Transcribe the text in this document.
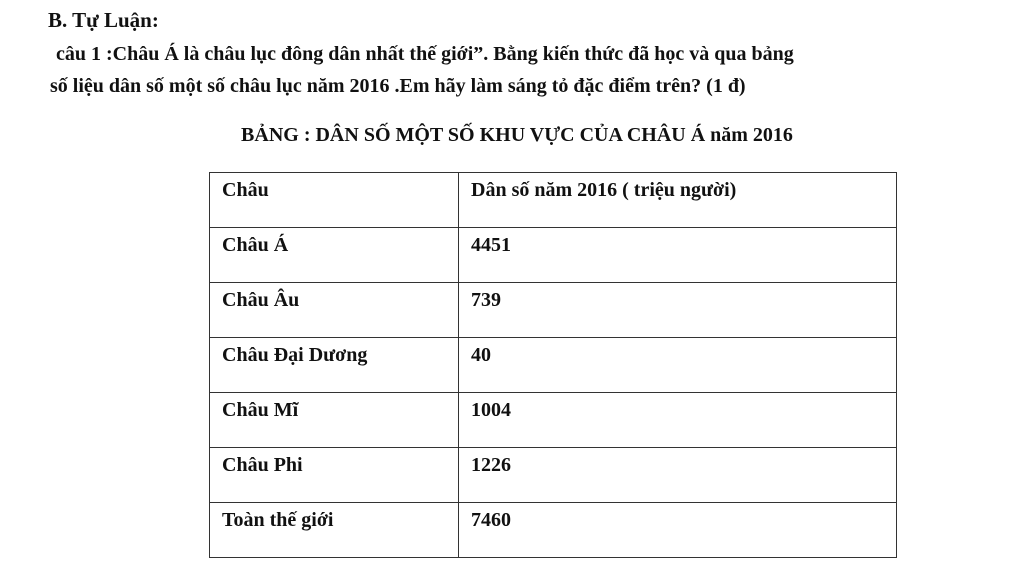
B. Tự Luận:
câu 1 :Châu Á là châu lục đông dân nhất thế giới”. Bằng kiến thức đã học và qua bảng
số liệu dân số một số châu lục năm 2016 .Em hãy làm sáng tỏ đặc điểm trên? (1 đ)
BẢNG : DÂN SỐ MỘT SỐ KHU VỰC CỦA CHÂU Á năm 2016
Châu	Dân số năm 2016 ( triệu người)
Châu Á	4451
Châu Âu	739
Châu Đại Dương	40
Châu Mĩ	1004
Châu Phi	1226
Toàn thế giới	7460
